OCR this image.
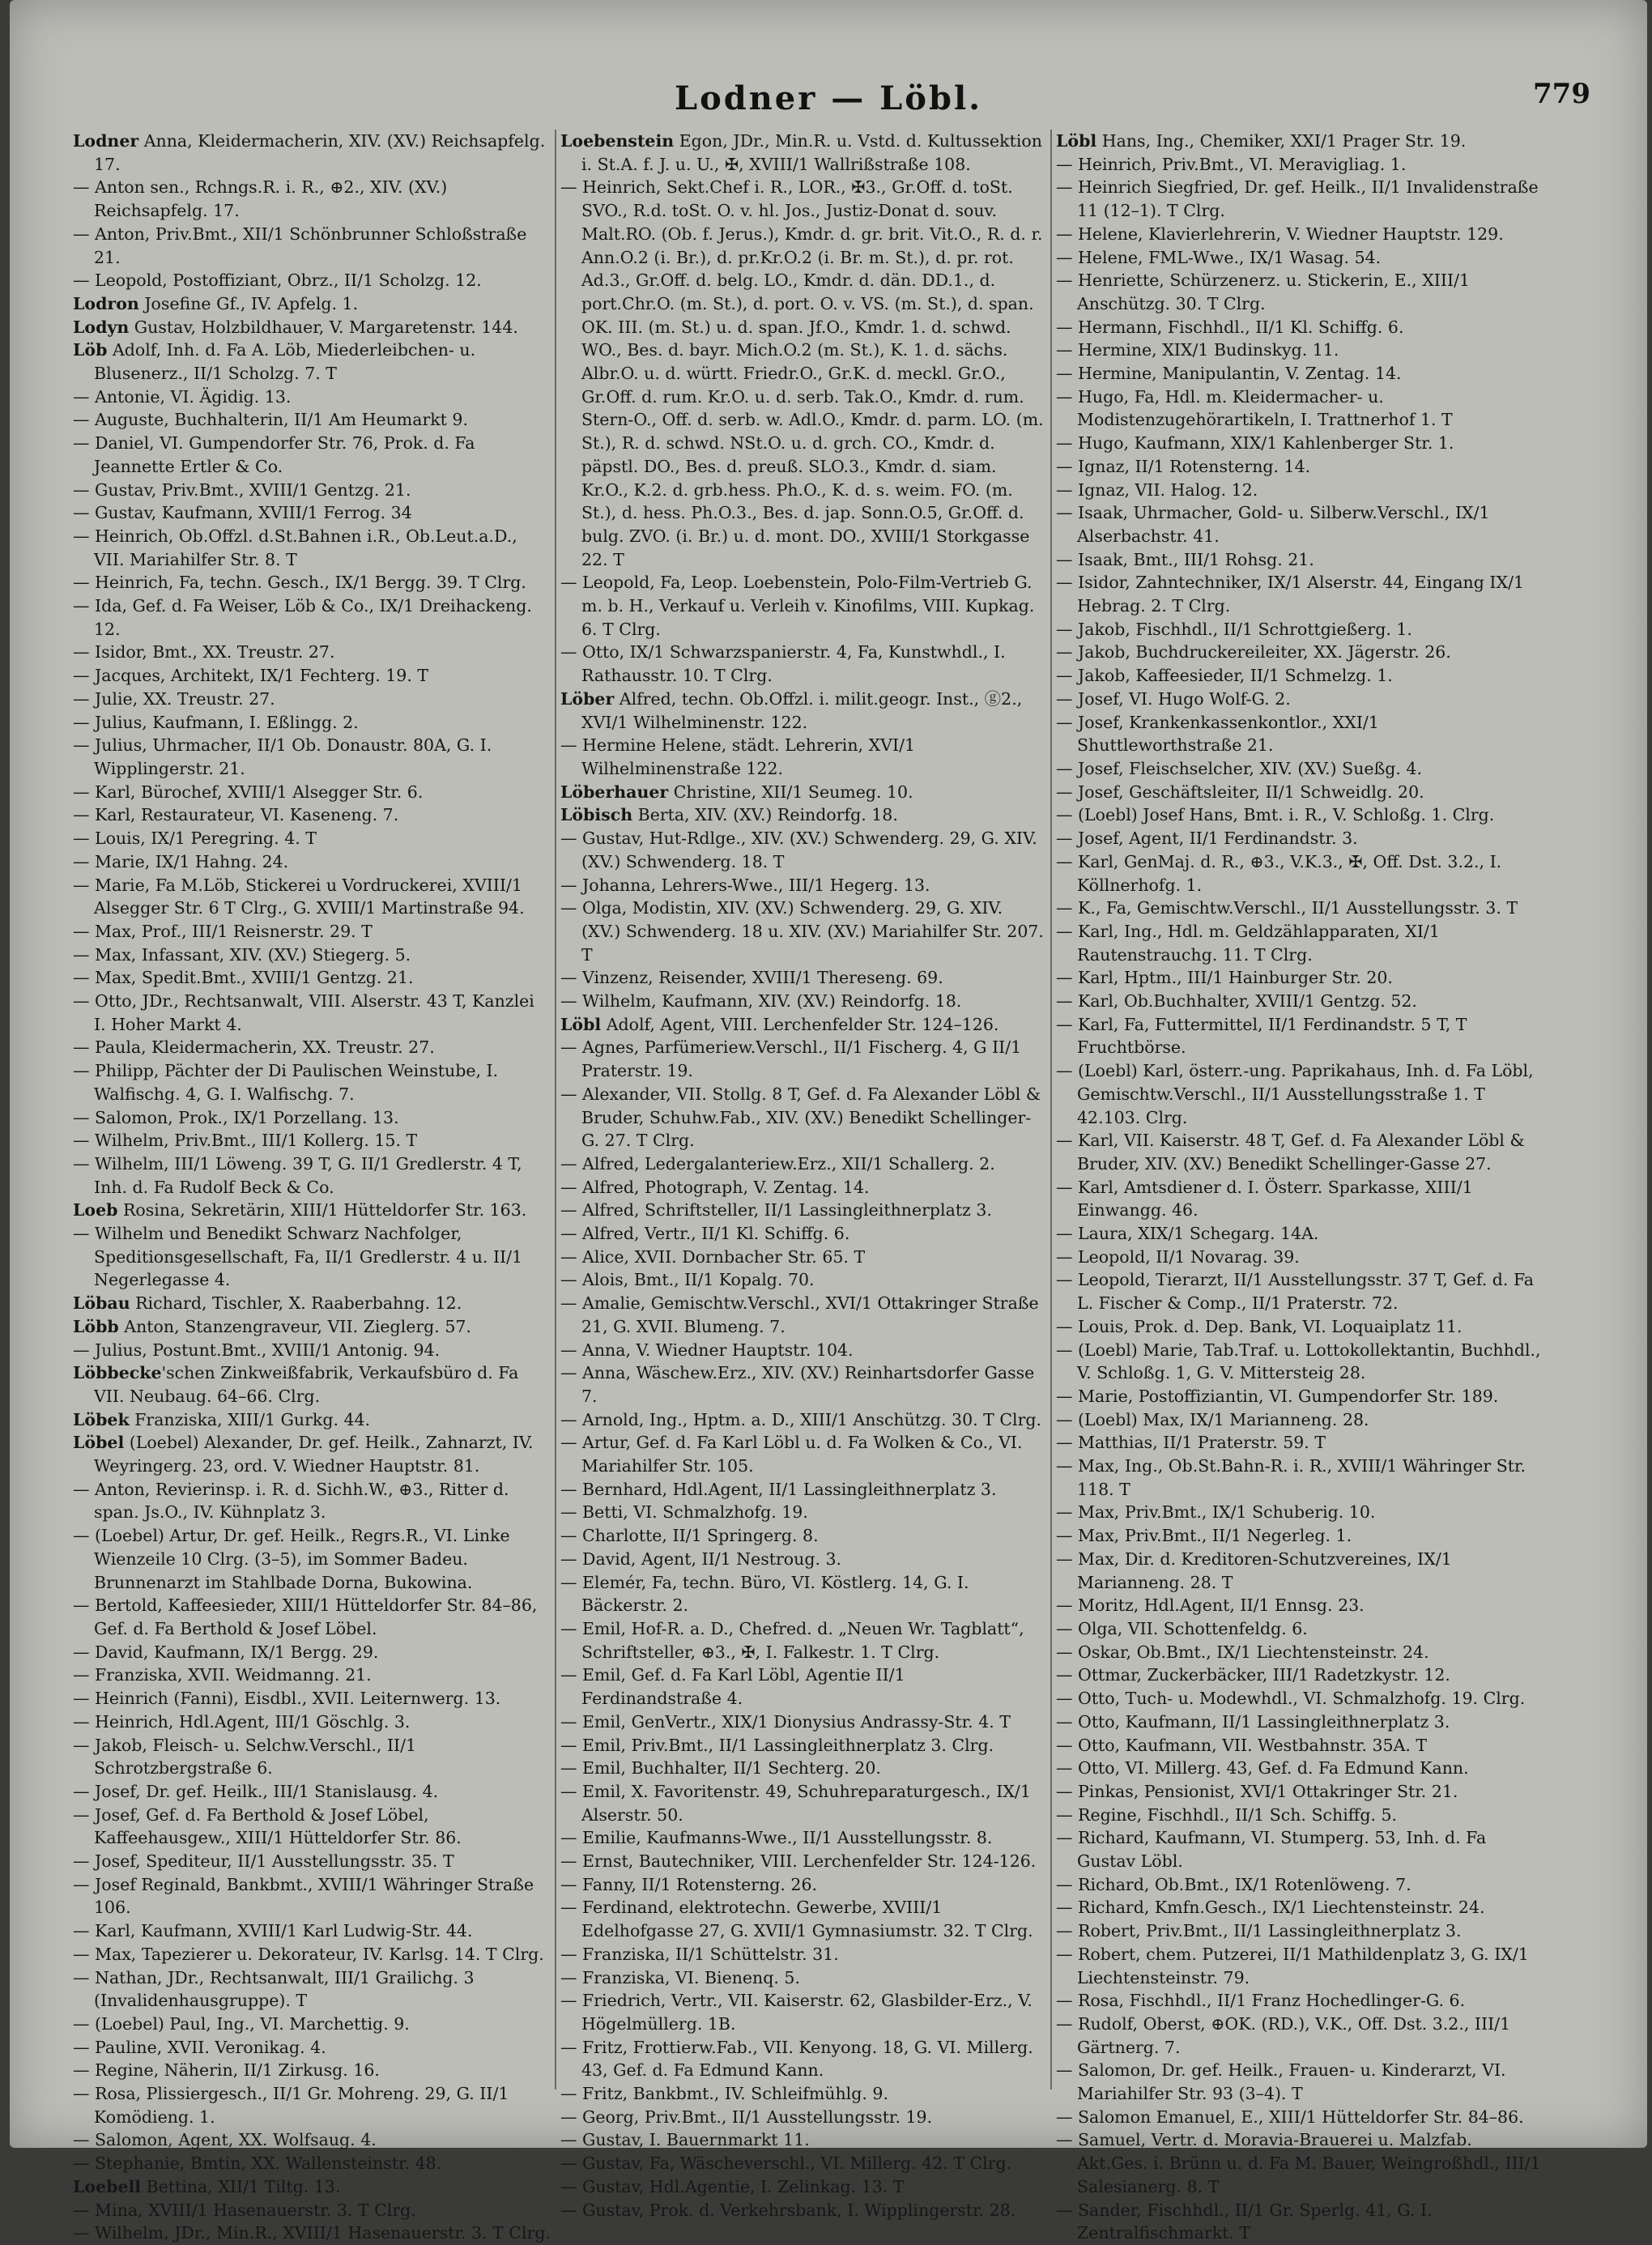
Lodner — Löbl.	779

Lodner Anna, Kleidermacherin, XIV. (XV.) Reichsapfelg. 17.

— Anton sen., Rchngs.R. i. R., ⊕2., XIV. (XV.) Reichsapfelg. 17.

— Anton, Priv.Bmt., XII/1 Schönbrunner Schloßstraße 21.

— Leopold, Postoffiziant, Obrz., II/1 Scholzg. 12.

Lodron Josefine Gf., IV. Apfelg. 1.

Lodyn Gustav, Holzbildhauer, V. Margaretenstr. 144.

Löb Adolf, Inh. d. Fa A. Löb, Miederleibchen- u. Blusenerz., II/1 Scholzg. 7. T

— Antonie, VI. Ägidig. 13.

— Auguste, Buchhalterin, II/1 Am Heumarkt 9.

— Daniel, VI. Gumpendorfer Str. 76, Prok. d. Fa Jeannette Ertler & Co.

— Gustav, Priv.Bmt., XVIII/1 Gentzg. 21.

— Gustav, Kaufmann, XVIII/1 Ferrog. 34

— Heinrich, Ob.Offzl. d.St.Bahnen i.R., Ob.Leut.a.D., VII. Mariahilfer Str. 8. T

— Heinrich, Fa, techn. Gesch., IX/1 Bergg. 39. T Clrg.

— Ida, Gef. d. Fa Weiser, Löb & Co., IX/1 Dreihackeng. 12.

— Isidor, Bmt., XX. Treustr. 27.

— Jacques, Architekt, IX/1 Fechterg. 19. T

— Julie, XX. Treustr. 27.

— Julius, Kaufmann, I. Eßlingg. 2.

— Julius, Uhrmacher, II/1 Ob. Donaustr. 80A, G. I. Wipplingerstr. 21.

— Karl, Bürochef, XVIII/1 Alsegger Str. 6.

— Karl, Restaurateur, VI. Kaseneng. 7.

— Louis, IX/1 Peregring. 4. T

— Marie, IX/1 Hahng. 24.

— Marie, Fa M.Löb, Stickerei u Vordruckerei, XVIII/1 Alsegger Str. 6 T Clrg., G. XVIII/1 Martinstraße 94.

— Max, Prof., III/1 Reisnerstr. 29. T

— Max, Infassant, XIV. (XV.) Stiegerg. 5.

— Max, Spedit.Bmt., XVIII/1 Gentzg. 21.

— Otto, JDr., Rechtsanwalt, VIII. Alserstr. 43 T, Kanzlei I. Hoher Markt 4.

— Paula, Kleidermacherin, XX. Treustr. 27.

— Philipp, Pächter der Di Paulischen Weinstube, I. Walfischg. 4, G. I. Walfischg. 7.

— Salomon, Prok., IX/1 Porzellang. 13.

— Wilhelm, Priv.Bmt., III/1 Kollerg. 15. T

— Wilhelm, III/1 Löweng. 39 T, G. II/1 Gredlerstr. 4 T, Inh. d. Fa Rudolf Beck & Co.

Loeb Rosina, Sekretärin, XIII/1 Hütteldorfer Str. 163.

— Wilhelm und Benedikt Schwarz Nachfolger, Speditionsgesellschaft, Fa, II/1 Gredlerstr. 4 u. II/1 Negerlegasse 4.

Löbau Richard, Tischler, X. Raaberbahng. 12.

Löbb Anton, Stanzengraveur, VII. Zieglerg. 57.

— Julius, Postunt.Bmt., XVIII/1 Antonig. 94.

Löbbecke'schen Zinkweißfabrik, Verkaufsbüro d. Fa VII. Neubaug. 64–66. Clrg.

Löbek Franziska, XIII/1 Gurkg. 44.

Löbel (Loebel) Alexander, Dr. gef. Heilk., Zahnarzt, IV. Weyringerg. 23, ord. V. Wiedner Hauptstr. 81.

— Anton, Revierinsp. i. R. d. Sichh.W., ⊕3., Ritter d. span. Js.O., IV. Kühnplatz 3.

— (Loebel) Artur, Dr. gef. Heilk., Regrs.R., VI. Linke Wienzeile 10 Clrg. (3–5), im Sommer Badeu. Brunnenarzt im Stahlbade Dorna, Bukowina.

— Bertold, Kaffeesieder, XIII/1 Hütteldorfer Str. 84–86, Gef. d. Fa Berthold & Josef Löbel.

— David, Kaufmann, IX/1 Bergg. 29.

— Franziska, XVII. Weidmanng. 21.

— Heinrich (Fanni), Eisdbl., XVII. Leiternwerg. 13.

— Heinrich, Hdl.Agent, III/1 Göschlg. 3.

— Jakob, Fleisch- u. Selchw.Verschl., II/1 Schrotzbergstraße 6.

— Josef, Dr. gef. Heilk., III/1 Stanislausg. 4.

— Josef, Gef. d. Fa Berthold & Josef Löbel, Kaffeehausgew., XIII/1 Hütteldorfer Str. 86.

— Josef, Spediteur, II/1 Ausstellungsstr. 35. T

— Josef Reginald, Bankbmt., XVIII/1 Währinger Straße 106.

— Karl, Kaufmann, XVIII/1 Karl Ludwig-Str. 44.

— Max, Tapezierer u. Dekorateur, IV. Karlsg. 14. T Clrg.

— Nathan, JDr., Rechtsanwalt, III/1 Grailichg. 3 (Invalidenhausgruppe). T

— (Loebel) Paul, Ing., VI. Marchettig. 9.

— Pauline, XVII. Veronikag. 4.

— Regine, Näherin, II/1 Zirkusg. 16.

— Rosa, Plissiergesch., II/1 Gr. Mohreng. 29, G. II/1 Komödieng. 1.

— Salomon, Agent, XX. Wolfsaug. 4.

— Stephanie, Bmtin, XX. Wallensteinstr. 48.

Loebell Bettina, XII/1 Tiltg. 13.

— Mina, XVIII/1 Hasenauerstr. 3. T Clrg.

— Wilhelm, JDr., Min.R., XVIII/1 Hasenauerstr. 3. T Clrg.

Loebenstein Egon, JDr., Min.R. u. Vstd. d. Kultussektion i. St.A. f. J. u. U., ✠, XVIII/1 Wallrißstraße 108.

— Heinrich, Sekt.Chef i. R., LOR., ✠3., Gr.Off. d. toSt. SVO., R.d. toSt. O. v. hl. Jos., Justiz-Donat d. souv. Malt.RO. (Ob. f. Jerus.), Kmdr. d. gr. brit. Vit.O., R. d. r. Ann.O.2 (i. Br.), d. pr.Kr.O.2 (i. Br. m. St.), d. pr. rot. Ad.3., Gr.Off. d. belg. LO., Kmdr. d. dän. DD.1., d. port.Chr.O. (m. St.), d. port. O. v. VS. (m. St.), d. span. OK. III. (m. St.) u. d. span. Jf.O., Kmdr. 1. d. schwd. WO., Bes. d. bayr. Mich.O.2 (m. St.), K. 1. d. sächs. Albr.O. u. d. württ. Friedr.O., Gr.K. d. meckl. Gr.O., Gr.Off. d. rum. Kr.O. u. d. serb. Tak.O., Kmdr. d. rum. Stern-O., Off. d. serb. w. Adl.O., Kmdr. d. parm. LO. (m. St.), R. d. schwd. NSt.O. u. d. grch. CO., Kmdr. d. päpstl. DO., Bes. d. preuß. SLO.3., Kmdr. d. siam. Kr.O., K.2. d. grb.hess. Ph.O., K. d. s. weim. FO. (m. St.), d. hess. Ph.O.3., Bes. d. jap. Sonn.O.5, Gr.Off. d. bulg. ZVO. (i. Br.) u. d. mont. DO., XVIII/1 Storkgasse 22. T

— Leopold, Fa, Leop. Loebenstein, Polo-Film-Vertrieb G. m. b. H., Verkauf u. Verleih v. Kinofilms, VIII. Kupkag. 6. T Clrg.

— Otto, IX/1 Schwarzspanierstr. 4, Fa, Kunstwhdl., I. Rathausstr. 10. T Clrg.

Löber Alfred, techn. Ob.Offzl. i. milit.geogr. Inst., ⓖ2., XVI/1 Wilhelminenstr. 122.

— Hermine Helene, städt. Lehrerin, XVI/1 Wilhelminenstraße 122.

Löberhauer Christine, XII/1 Seumeg. 10.

Löbisch Berta, XIV. (XV.) Reindorfg. 18.

— Gustav, Hut-Rdlge., XIV. (XV.) Schwenderg. 29, G. XIV. (XV.) Schwenderg. 18. T

— Johanna, Lehrers-Wwe., III/1 Hegerg. 13.

— Olga, Modistin, XIV. (XV.) Schwenderg. 29, G. XIV. (XV.) Schwenderg. 18 u. XIV. (XV.) Mariahilfer Str. 207. T

— Vinzenz, Reisender, XVIII/1 Thereseng. 69.

— Wilhelm, Kaufmann, XIV. (XV.) Reindorfg. 18.

Löbl Adolf, Agent, VIII. Lerchenfelder Str. 124–126.

— Agnes, Parfümeriew.Verschl., II/1 Fischerg. 4, G II/1 Praterstr. 19.

— Alexander, VII. Stollg. 8 T, Gef. d. Fa Alexander Löbl & Bruder, Schuhw.Fab., XIV. (XV.) Benedikt Schellinger-G. 27. T Clrg.

— Alfred, Ledergalanteriew.Erz., XII/1 Schallerg. 2.

— Alfred, Photograph, V. Zentag. 14.

— Alfred, Schriftsteller, II/1 Lassingleithnerplatz 3.

— Alfred, Vertr., II/1 Kl. Schiffg. 6.

— Alice, XVII. Dornbacher Str. 65. T

— Alois, Bmt., II/1 Kopalg. 70.

— Amalie, Gemischtw.Verschl., XVI/1 Ottakringer Straße 21, G. XVII. Blumeng. 7.

— Anna, V. Wiedner Hauptstr. 104.

— Anna, Wäschew.Erz., XIV. (XV.) Reinhartsdorfer Gasse 7.

— Arnold, Ing., Hptm. a. D., XIII/1 Anschützg. 30. T Clrg.

— Artur, Gef. d. Fa Karl Löbl u. d. Fa Wolken & Co., VI. Mariahilfer Str. 105.

— Bernhard, Hdl.Agent, II/1 Lassingleithnerplatz 3.

— Betti, VI. Schmalzhofg. 19.

— Charlotte, II/1 Springerg. 8.

— David, Agent, II/1 Nestroug. 3.

— Elemér, Fa, techn. Büro, VI. Köstlerg. 14, G. I. Bäckerstr. 2.

— Emil, Hof-R. a. D., Chefred. d. „Neuen Wr. Tagblatt“, Schriftsteller, ⊕3., ✠, I. Falkestr. 1. T Clrg.

— Emil, Gef. d. Fa Karl Löbl, Agentie II/1 Ferdinandstraße 4.

— Emil, GenVertr., XIX/1 Dionysius Andrassy-Str. 4. T

— Emil, Priv.Bmt., II/1 Lassingleithnerplatz 3. Clrg.

— Emil, Buchhalter, II/1 Sechterg. 20.

— Emil, X. Favoritenstr. 49, Schuhreparaturgesch., IX/1 Alserstr. 50.

— Emilie, Kaufmanns-Wwe., II/1 Ausstellungsstr. 8.

— Ernst, Bautechniker, VIII. Lerchenfelder Str. 124-126.

— Fanny, II/1 Rotensterng. 26.

— Ferdinand, elektrotechn. Gewerbe, XVIII/1 Edelhofgasse 27, G. XVII/1 Gymnasiumstr. 32. T Clrg.

— Franziska, II/1 Schüttelstr. 31.

— Franziska, VI. Bienenq. 5.

— Friedrich, Vertr., VII. Kaiserstr. 62, Glasbilder-Erz., V. Högelmüllerg. 1B.

— Fritz, Frottierw.Fab., VII. Kenyong. 18, G. VI. Millerg. 43, Gef. d. Fa Edmund Kann.

— Fritz, Bankbmt., IV. Schleifmühlg. 9.

— Georg, Priv.Bmt., II/1 Ausstellungsstr. 19.

— Gustav, I. Bauernmarkt 11.

— Gustav, Fa, Wäscheverschl., VI. Millerg. 42. T Clrg.

— Gustav, Hdl.Agentie, I. Zelinkag. 13. T

— Gustav, Prok. d. Verkehrsbank, I. Wipplingerstr. 28.

Löbl Hans, Ing., Chemiker, XXI/1 Prager Str. 19.

— Heinrich, Priv.Bmt., VI. Meravigliag. 1.

— Heinrich Siegfried, Dr. gef. Heilk., II/1 Invalidenstraße 11 (12–1). T Clrg.

— Helene, Klavierlehrerin, V. Wiedner Hauptstr. 129.

— Helene, FML-Wwe., IX/1 Wasag. 54.

— Henriette, Schürzenerz. u. Stickerin, E., XIII/1 Anschützg. 30. T Clrg.

— Hermann, Fischhdl., II/1 Kl. Schiffg. 6.

— Hermine, XIX/1 Budinskyg. 11.

— Hermine, Manipulantin, V. Zentag. 14.

— Hugo, Fa, Hdl. m. Kleidermacher- u. Modistenzugehörartikeln, I. Trattnerhof 1. T

— Hugo, Kaufmann, XIX/1 Kahlenberger Str. 1.

— Ignaz, II/1 Rotensterng. 14.

— Ignaz, VII. Halog. 12.

— Isaak, Uhrmacher, Gold- u. Silberw.Verschl., IX/1 Alserbachstr. 41.

— Isaak, Bmt., III/1 Rohsg. 21.

— Isidor, Zahntechniker, IX/1 Alserstr. 44, Eingang IX/1 Hebrag. 2. T Clrg.

— Jakob, Fischhdl., II/1 Schrottgießerg. 1.

— Jakob, Buchdruckereileiter, XX. Jägerstr. 26.

— Jakob, Kaffeesieder, II/1 Schmelzg. 1.

— Josef, VI. Hugo Wolf-G. 2.

— Josef, Krankenkassenkontlor., XXI/1 Shuttleworthstraße 21.

— Josef, Fleischselcher, XIV. (XV.) Sueßg. 4.

— Josef, Geschäftsleiter, II/1 Schweidlg. 20.

— (Loebl) Josef Hans, Bmt. i. R., V. Schloßg. 1. Clrg.

— Josef, Agent, II/1 Ferdinandstr. 3.

— Karl, GenMaj. d. R., ⊕3., V.K.3., ✠, Off. Dst. 3.2., I. Köllnerhofg. 1.

— K., Fa, Gemischtw.Verschl., II/1 Ausstellungsstr. 3. T

— Karl, Ing., Hdl. m. Geldzählapparaten, XI/1 Rautenstrauchg. 11. T Clrg.

— Karl, Hptm., III/1 Hainburger Str. 20.

— Karl, Ob.Buchhalter, XVIII/1 Gentzg. 52.

— Karl, Fa, Futtermittel, II/1 Ferdinandstr. 5 T, T Fruchtbörse.

— (Loebl) Karl, österr.-ung. Paprikahaus, Inh. d. Fa Löbl, Gemischtw.Verschl., II/1 Ausstellungsstraße 1. T 42.103. Clrg.

— Karl, VII. Kaiserstr. 48 T, Gef. d. Fa Alexander Löbl & Bruder, XIV. (XV.) Benedikt Schellinger-Gasse 27.

— Karl, Amtsdiener d. I. Österr. Sparkasse, XIII/1 Einwangg. 46.

— Laura, XIX/1 Schegarg. 14A.

— Leopold, II/1 Novarag. 39.

— Leopold, Tierarzt, II/1 Ausstellungsstr. 37 T, Gef. d. Fa L. Fischer & Comp., II/1 Praterstr. 72.

— Louis, Prok. d. Dep. Bank, VI. Loquaiplatz 11.

— (Loebl) Marie, Tab.Traf. u. Lottokollektantin, Buchhdl., V. Schloßg. 1, G. V. Mittersteig 28.

— Marie, Postoffiziantin, VI. Gumpendorfer Str. 189.

— (Loebl) Max, IX/1 Marianneng. 28.

— Matthias, II/1 Praterstr. 59. T

— Max, Ing., Ob.St.Bahn-R. i. R., XVIII/1 Währinger Str. 118. T

— Max, Priv.Bmt., IX/1 Schuberig. 10.

— Max, Priv.Bmt., II/1 Negerleg. 1.

— Max, Dir. d. Kreditoren-Schutzvereines, IX/1 Marianneng. 28. T

— Moritz, Hdl.Agent, II/1 Ennsg. 23.

— Olga, VII. Schottenfeldg. 6.

— Oskar, Ob.Bmt., IX/1 Liechtensteinstr. 24.

— Ottmar, Zuckerbäcker, III/1 Radetzkystr. 12.

— Otto, Tuch- u. Modewhdl., VI. Schmalzhofg. 19. Clrg.

— Otto, Kaufmann, II/1 Lassingleithnerplatz 3.

— Otto, Kaufmann, VII. Westbahnstr. 35A. T

— Otto, VI. Millerg. 43, Gef. d. Fa Edmund Kann.

— Pinkas, Pensionist, XVI/1 Ottakringer Str. 21.

— Regine, Fischhdl., II/1 Sch. Schiffg. 5.

— Richard, Kaufmann, VI. Stumperg. 53, Inh. d. Fa Gustav Löbl.

— Richard, Ob.Bmt., IX/1 Rotenlöweng. 7.

— Richard, Kmfn.Gesch., IX/1 Liechtensteinstr. 24.

— Robert, Priv.Bmt., II/1 Lassingleithnerplatz 3.

— Robert, chem. Putzerei, II/1 Mathildenplatz 3, G. IX/1 Liechtensteinstr. 79.

— Rosa, Fischhdl., II/1 Franz Hochedlinger-G. 6.

— Rudolf, Oberst, ⊕OK. (RD.), V.K., Off. Dst. 3.2., III/1 Gärtnerg. 7.

— Salomon, Dr. gef. Heilk., Frauen- u. Kinderarzt, VI. Mariahilfer Str. 93 (3–4). T

— Salomon Emanuel, E., XIII/1 Hütteldorfer Str. 84–86.

— Samuel, Vertr. d. Moravia-Brauerei u. Malzfab. Akt.Ges. i. Brünn u. d. Fa M. Bauer, Weingroßhdl., III/1 Salesianerg. 8. T

— Sander, Fischhdl., II/1 Gr. Sperlg. 41, G. I. Zentralfischmarkt. T
